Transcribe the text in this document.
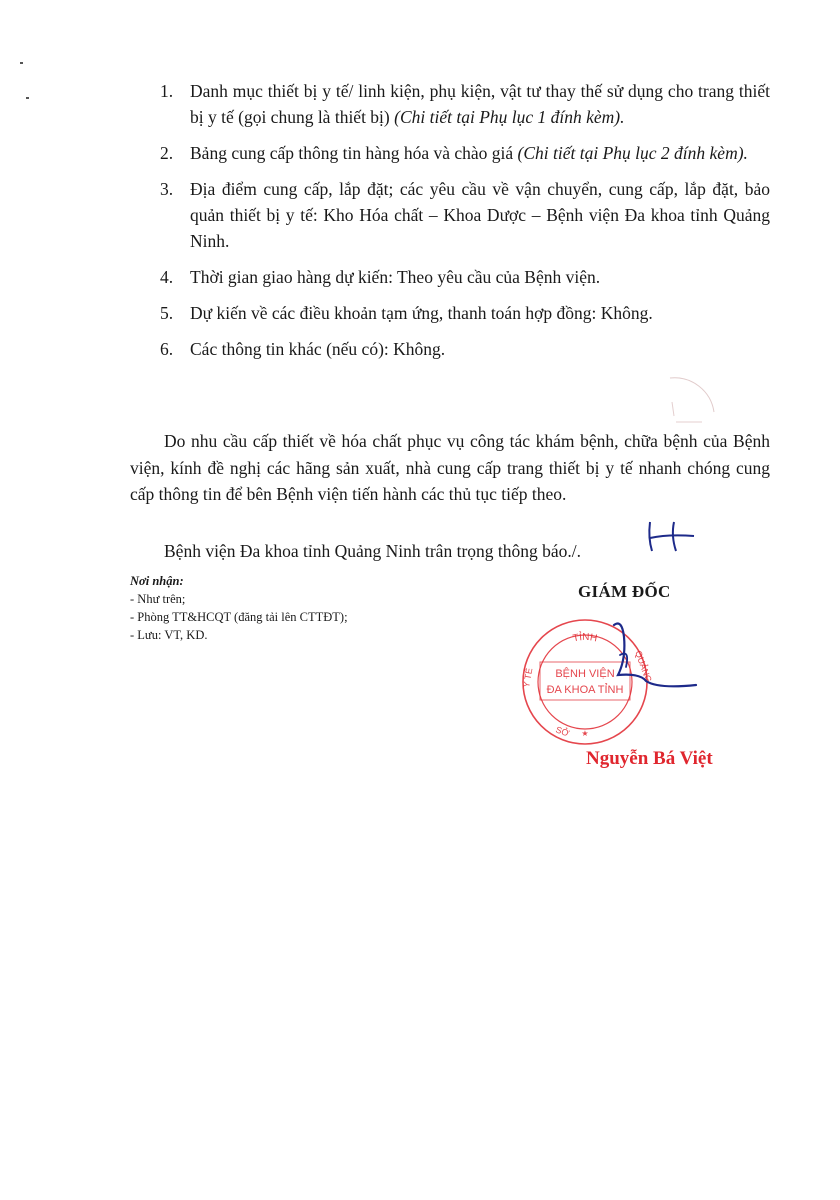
1. Danh mục thiết bị y tế/ linh kiện, phụ kiện, vật tư thay thế sử dụng cho trang thiết bị y tế (gọi chung là thiết bị) (Chi tiết tại Phụ lục 1 đính kèm).
2. Bảng cung cấp thông tin hàng hóa và chào giá (Chi tiết tại Phụ lục 2 đính kèm).
3. Địa điểm cung cấp, lắp đặt; các yêu cầu về vận chuyển, cung cấp, lắp đặt, bảo quản thiết bị y tế: Kho Hóa chất – Khoa Dược – Bệnh viện Đa khoa tỉnh Quảng Ninh.
4. Thời gian giao hàng dự kiến: Theo yêu cầu của Bệnh viện.
5. Dự kiến về các điều khoản tạm ứng, thanh toán hợp đồng: Không.
6. Các thông tin khác (nếu có): Không.

Do nhu cầu cấp thiết về hóa chất phục vụ công tác khám bệnh, chữa bệnh của Bệnh viện, kính đề nghị các hãng sản xuất, nhà cung cấp trang thiết bị y tế nhanh chóng cung cấp thông tin để bên Bệnh viện tiến hành các thủ tục tiếp theo.

Bệnh viện Đa khoa tỉnh Quảng Ninh trân trọng thông báo./.

Nơi nhận:
- Như trên;
- Phòng TT&HCQT (đăng tải lên CTTĐT);
- Lưu: VT, KD.
GIÁM ĐỐC
TỈNH
Y TẾ	QUẢNG
SỞ ★
BỆNH VIỆN
ĐA KHOA TỈNH
Nguyễn Bá Việt
